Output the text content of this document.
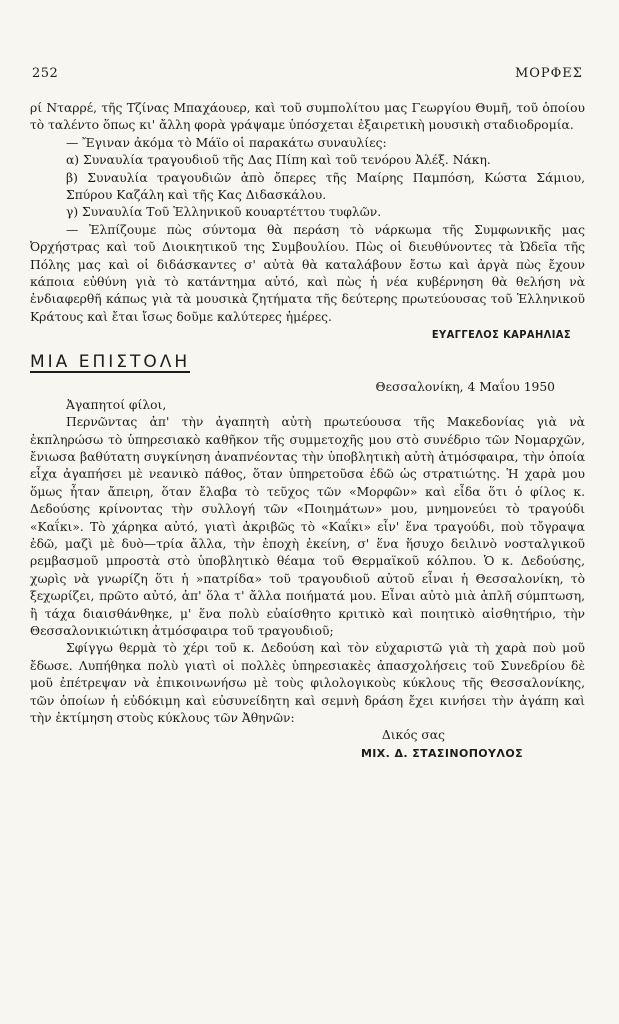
252	ΜΟΡΦΕΣ

ρί Νταρρέ, τῆς Τζίνας Μπαχάουερ, καὶ τοῦ συμπολίτου μας Γεωργίου Θυμῆ, τοῦ ὁποίου τὸ ταλέντο ὅπως κι' ἄλλη φορὰ γράψαμε ὑπόσχεται ἐξαιρετικὴ μουσικὴ σταδιοδρομία.

— Ἔγιναν ἀκόμα τὸ Μάϊο οἱ παρακάτω συναυλίες:

α) Συναυλία τραγουδιοῦ τῆς Δας Πίπη καὶ τοῦ τενόρου Ἀλέξ. Νάκη.

β) Συναυλία τραγουδιῶν ἀπὸ ὄπερες τῆς Μαίρης Παμπόση, Κώστα Σάμιου, Σπύρου Καζάλη καὶ τῆς Κας Διδασκάλου.

γ) Συναυλία Τοῦ Ἑλληνικοῦ κουαρτέττου τυφλῶν.

— Ἐλπίζουμε πὼς σύντομα θὰ περάση τὸ νάρκωμα τῆς Συμφωνικῆς μας Ὀρχήστρας καὶ τοῦ Διοικητικοῦ της Συμβουλίου. Πὼς οἱ διευθύνοντες τὰ Ὠδεῖα τῆς Πόλης μας καὶ οἱ διδάσκαντες σ' αὐτὰ θὰ καταλάβουν ἔστω καὶ ἀργὰ πὼς ἔχουν κάποια εὐθύνη γιὰ τὸ κατάντημα αὐτό, καὶ πὼς ἡ νέα κυβέρνηση θὰ θελήση νὰ ἐνδιαφερθῆ κάπως γιὰ τὰ μουσικὰ ζητήματα τῆς δεύτερης πρωτεύουσας τοῦ Ἑλληνικοῦ Κράτους καὶ ἔται ἴσως δοῦμε καλύτερες ἡμέρες.

ΕΥΑΓΓΕΛΟΣ ΚΑΡΑΗΛΙΑΣ

ΜΙΑ ΕΠΙΣΤΟΛΗ

Θεσσαλονίκη, 4 Μαΐου 1950

Ἀγαπητοί φίλοι,

Περνῶντας ἀπ' τὴν ἀγαπητὴ αὐτὴ πρωτεύουσα τῆς Μακεδονίας γιὰ νὰ ἐκπληρώσω τὸ ὑπηρεσιακὸ καθῆκον τῆς συμμετοχῆς μου στὸ συνέδριο τῶν Νομαρχῶν, ἔνιωσα βαθύτατη συγκίνηση ἀναπνέοντας τὴν ὑποβλητικὴ αὐτὴ ἀτμόσφαιρα, τὴν ὁποία εἶχα ἀγαπήσει μὲ νεανικὸ πάθος, ὅταν ὑπηρετοῦσα ἐδῶ ὡς στρατιώτης. Ἡ χαρὰ μου ὅμως ἦταν ἄπειρη, ὅταν ἔλαβα τὸ τεῦχος τῶν «Μορφῶν» καὶ εἶδα ὅτι ὁ φίλος κ. Δεδούσης κρίνοντας τὴν συλλογή τῶν «Ποιημάτων» μου, μνημονεύει τὸ τραγούδι «Καΐκι». Τὸ χάρηκα αὐτό, γιατὶ ἀκριβῶς τὸ «Καΐκι» εἶν' ἕνα τραγούδι, ποὺ τὄγραψα ἐδῶ, μαζὶ μὲ δυὸ—τρία ἄλλα, τὴν ἐποχὴ ἐκείνη, σ' ἕνα ἥσυχο δειλινὸ νοσταλγικοῦ ρεμβασμοῦ μπροστὰ στὸ ὑποβλητικὸ θέαμα τοῦ Θερμαϊκοῦ κόλπου. Ὁ κ. Δεδούσης, χωρὶς νὰ γνωρίζη ὅτι ἡ »πατρίδα» τοῦ τραγουδιοῦ αὐτοῦ εἶναι ἡ Θεσσαλονίκη, τὸ ξεχωρίζει, πρῶτο αὐτό, ἀπ' ὅλα τ' ἄλλα ποιήματά μου. Εἶναι αὐτὸ μιὰ ἁπλῆ σύμπτωση, ἢ τάχα διαισθάνθηκε, μ' ἕνα πολὺ εὐαίσθητο κριτικὸ καὶ ποιητικὸ αἰσθητήριο, τὴν Θεσσαλονικιώτικη ἀτμόσφαιρα τοῦ τραγουδιοῦ;

Σφίγγω θερμὰ τὸ χέρι τοῦ κ. Δεδούση καὶ τὸν εὐχαριστῶ γιὰ τὴ χαρὰ ποὺ μοῦ ἔδωσε. Λυπήθηκα πολὺ γιατὶ οἱ πολλὲς ὑπηρεσιακὲς ἀπασχολήσεις τοῦ Συνεδρίου δὲ μοῦ ἐπέτρεψαν νὰ ἐπικοινωνήσω μὲ τοὺς φιλολογικοὺς κύκλους τῆς Θεσσαλονίκης, τῶν ὁποίων ἡ εὐδόκιμη καὶ εὐσυνείδητη καὶ σεμνὴ δράση ἔχει κινήσει τὴν ἀγάπη καὶ τὴν ἐκτίμηση στοὺς κύκλους τῶν Ἀθηνῶν:

Δικός σας

ΜΙΧ. Δ. ΣΤΑΣΙΝΟΠΟΥΛΟΣ
